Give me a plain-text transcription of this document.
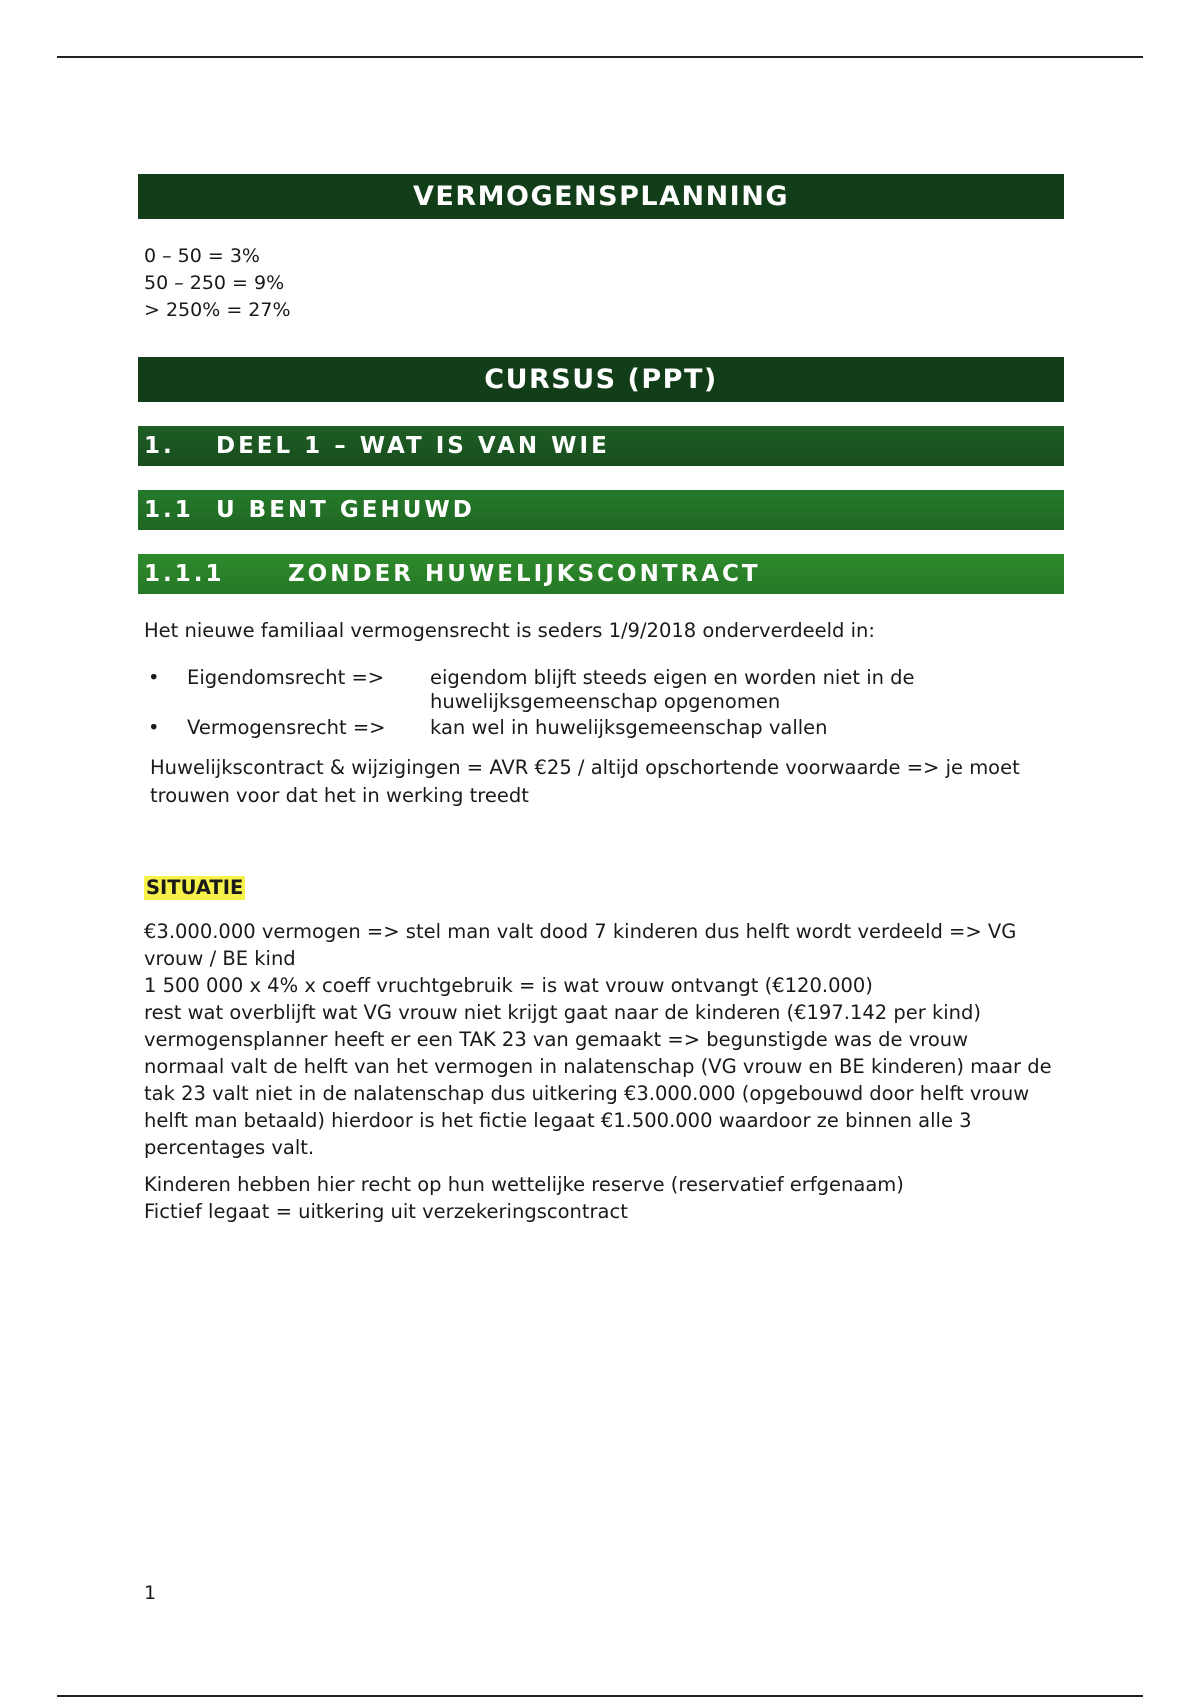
VERMOGENSPLANNING
0 – 50 = 3%
50 – 250 = 9%
> 250% = 27%
CURSUS (PPT)
1.	DEEL 1 – WAT IS VAN WIE
1.1 U BENT GEHUWD
1.1.1	ZONDER HUWELIJKSCONTRACT
Het nieuwe familiaal vermogensrecht is seders 1/9/2018 onderverdeeld in:
•	Eigendomsrecht =>	eigendom blijft steeds eigen en worden niet in de huwelijksgemeenschap opgenomen
•	Vermogensrecht =>	kan wel in huwelijksgemeenschap vallen
Huwelijkscontract & wijzigingen = AVR €25 / altijd opschortende voorwaarde => je moet trouwen voor dat het in werking treedt
SITUATIE

€3.000.000 vermogen => stel man valt dood 7 kinderen dus helft wordt verdeeld => VG vrouw / BE kind

1 500 000 x 4% x coeff vruchtgebruik = is wat vrouw ontvangt (€120.000)

rest wat overblijft wat VG vrouw niet krijgt gaat naar de kinderen (€197.142 per kind)

vermogensplanner heeft er een TAK 23 van gemaakt => begunstigde was de vrouw

normaal valt de helft van het vermogen in nalatenschap (VG vrouw en BE kinderen) maar de tak 23 valt niet in de nalatenschap dus uitkering €3.000.000 (opgebouwd door helft vrouw helft man betaald) hierdoor is het fictie legaat €1.500.000 waardoor ze binnen alle 3 percentages valt.

Kinderen hebben hier recht op hun wettelijke reserve (reservatief erfgenaam)

Fictief legaat = uitkering uit verzekeringscontract

1
